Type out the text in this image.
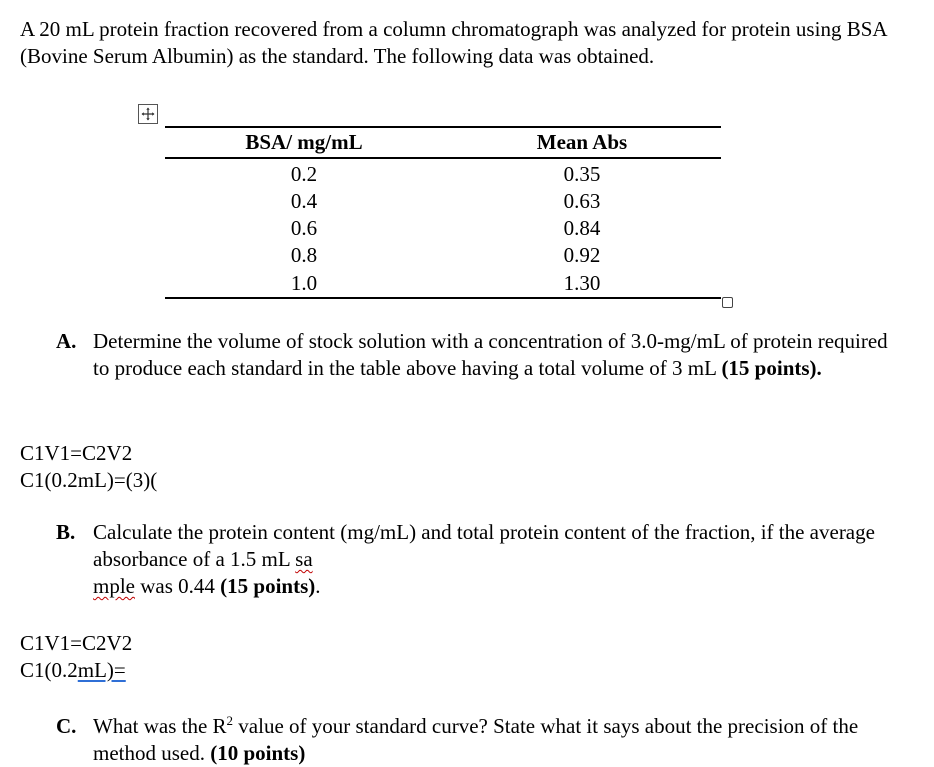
A 20 mL protein fraction recovered from a column chromatograph was analyzed for protein using BSA (Bovine Serum Albumin) as the standard. The following data was obtained.
BSA/ mg/mL	Mean Abs
0.2	0.35
0.4	0.63
0.6	0.84
0.8	0.92
1.0	1.30
A. Determine the volume of stock solution with a concentration of 3.0-mg/mL of protein required to produce each standard in the table above having a total volume of 3 mL (15 points).
C1V1=C2V2
C1(0.2mL)=(3)(
B. Calculate the protein content (mg/mL) and total protein content of the fraction, if the average absorbance of a 1.5 mL sa
mple was 0.44 (15 points).
C1V1=C2V2
C1(0.2mL)=
C. What was the $R^2$ value of your standard curve? State what it says about the precision of the method used. (10 points)
